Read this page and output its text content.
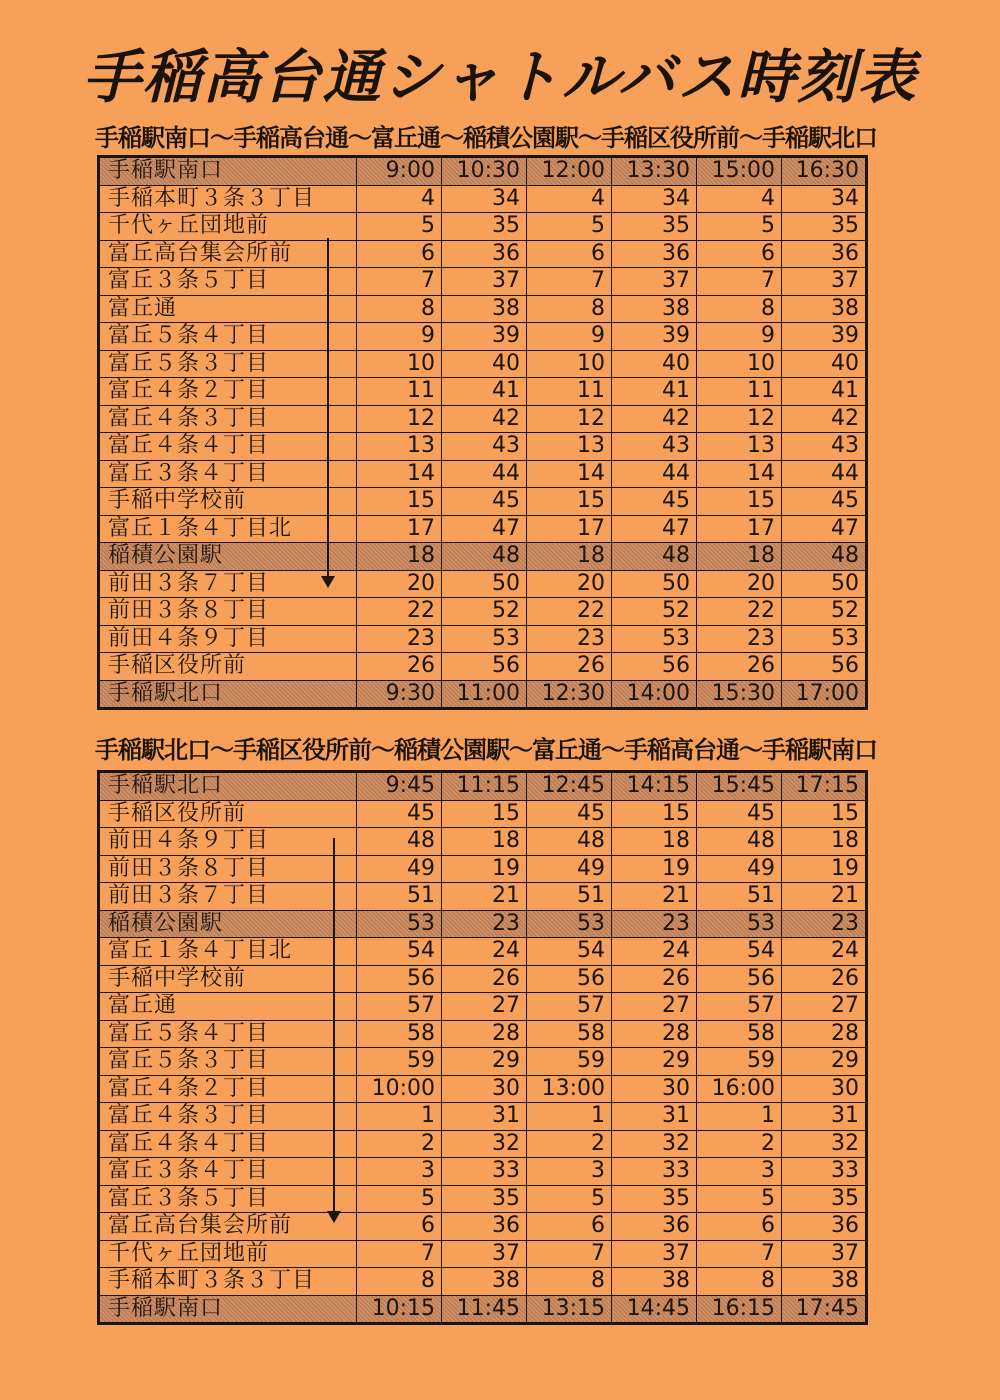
手稲高台通シャトルバス時刻表
手稲駅南口〜手稲高台通〜富丘通〜稲積公園駅〜手稲区役所前〜手稲駅北口
手稲駅南口	9:00	10:30	12:00	13:30	15:00	16:30
手稲本町３条３丁目	4	34	4	34	4	34
千代ヶ丘団地前	5	35	5	35	5	35
富丘高台集会所前	6	36	6	36	6	36
富丘３条５丁目	7	37	7	37	7	37
富丘通	8	38	8	38	8	38
富丘５条４丁目	9	39	9	39	9	39
富丘５条３丁目	10	40	10	40	10	40
富丘４条２丁目	11	41	11	41	11	41
富丘４条３丁目	12	42	12	42	12	42
富丘４条４丁目	13	43	13	43	13	43
富丘３条４丁目	14	44	14	44	14	44
手稲中学校前	15	45	15	45	15	45
富丘１条４丁目北	17	47	17	47	17	47
稲積公園駅	18	48	18	48	18	48
前田３条７丁目	20	50	20	50	20	50
前田３条８丁目	22	52	22	52	22	52
前田４条９丁目	23	53	23	53	23	53
手稲区役所前	26	56	26	56	26	56
手稲駅北口	9:30	11:00	12:30	14:00	15:30	17:00
手稲駅北口〜手稲区役所前〜稲積公園駅〜富丘通〜手稲高台通〜手稲駅南口
手稲駅北口	9:45	11:15	12:45	14:15	15:45	17:15
手稲区役所前	45	15	45	15	45	15
前田４条９丁目	48	18	48	18	48	18
前田３条８丁目	49	19	49	19	49	19
前田３条７丁目	51	21	51	21	51	21
稲積公園駅	53	23	53	23	53	23
富丘１条４丁目北	54	24	54	24	54	24
手稲中学校前	56	26	56	26	56	26
富丘通	57	27	57	27	57	27
富丘５条４丁目	58	28	58	28	58	28
富丘５条３丁目	59	29	59	29	59	29
富丘４条２丁目	10:00	30	13:00	30	16:00	30
富丘４条３丁目	1	31	1	31	1	31
富丘４条４丁目	2	32	2	32	2	32
富丘３条４丁目	3	33	3	33	3	33
富丘３条５丁目	5	35	5	35	5	35
富丘高台集会所前	6	36	6	36	6	36
千代ヶ丘団地前	7	37	7	37	7	37
手稲本町３条３丁目	8	38	8	38	8	38
手稲駅南口	10:15	11:45	13:15	14:45	16:15	17:45
